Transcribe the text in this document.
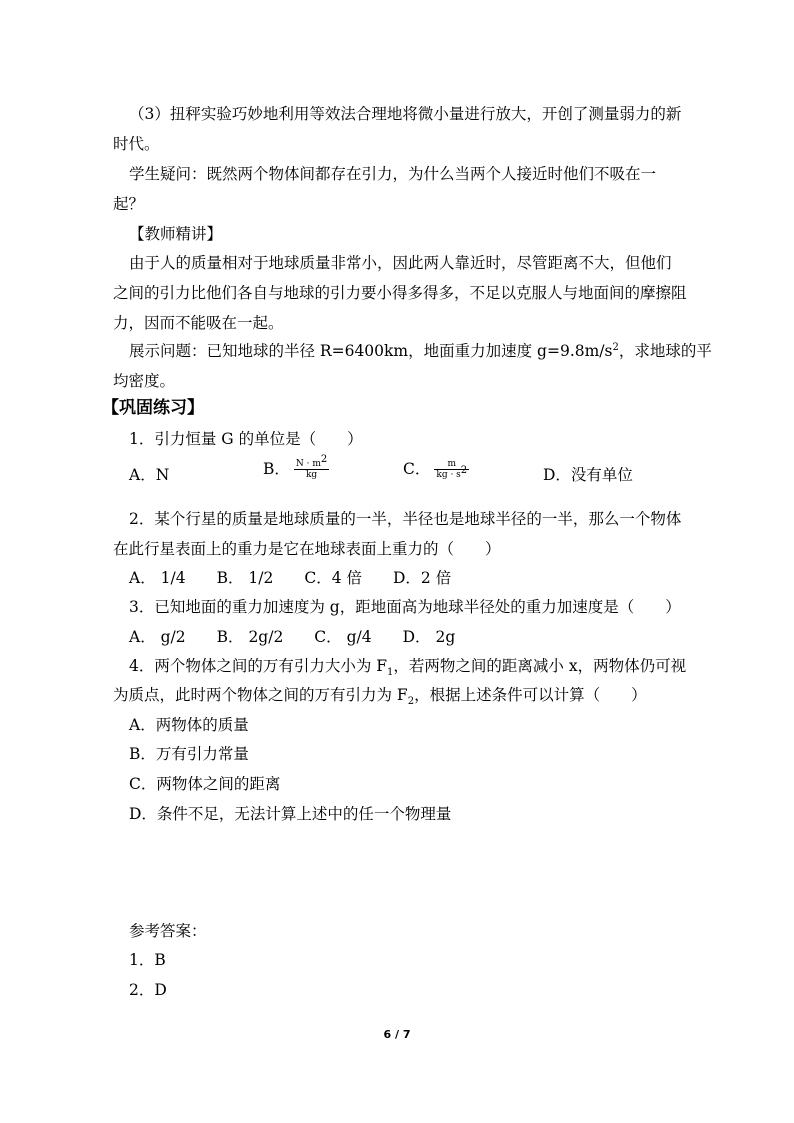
（3）扭秤实验巧妙地利用等效法合理地将微小量进行放大，开创了测量弱力的新
时代。
学生疑问：既然两个物体间都存在引力，为什么当两个人接近时他们不吸在一
起？
【教师精讲】
由于人的质量相对于地球质量非常小，因此两人靠近时，尽管距离不大，但他们
之间的引力比他们各自与地球的引力要小得多得多，不足以克服人与地面间的摩擦阻
力，因而不能吸在一起。
展示问题：已知地球的半径 R=6400km，地面重力加速度 $g=9.8m/s^2$，求地球的平
均密度。
【巩固练习】
1．引力恒量 G 的单位是（　　）
A．N	B． $\frac{N \cdot m^2}{kg}$	C． $\frac{m}{kg \cdot s^2}$	D．没有单位
2．某个行星的质量是地球质量的一半，半径也是地球半径的一半，那么一个物体
在此行星表面上的重力是它在地球表面上重力的（　　）
A． 1/4　　B． 1/2　　C．4 倍　　D．2 倍
3．已知地面的重力加速度为 g，距地面高为地球半径处的重力加速度是（　　）
A． g/2　　B． 2g/2　　C． g/4　　D． 2g
4．两个物体之间的万有引力大小为 $F_1$，若两物之间的距离减小 x，两物体仍可视
为质点，此时两个物体之间的万有引力为 $F_2$，根据上述条件可以计算（　　）
A．两物体的质量
B．万有引力常量
C．两物体之间的距离
D．条件不足，无法计算上述中的任一个物理量
参考答案：
1．B
2．D
6 / 7
